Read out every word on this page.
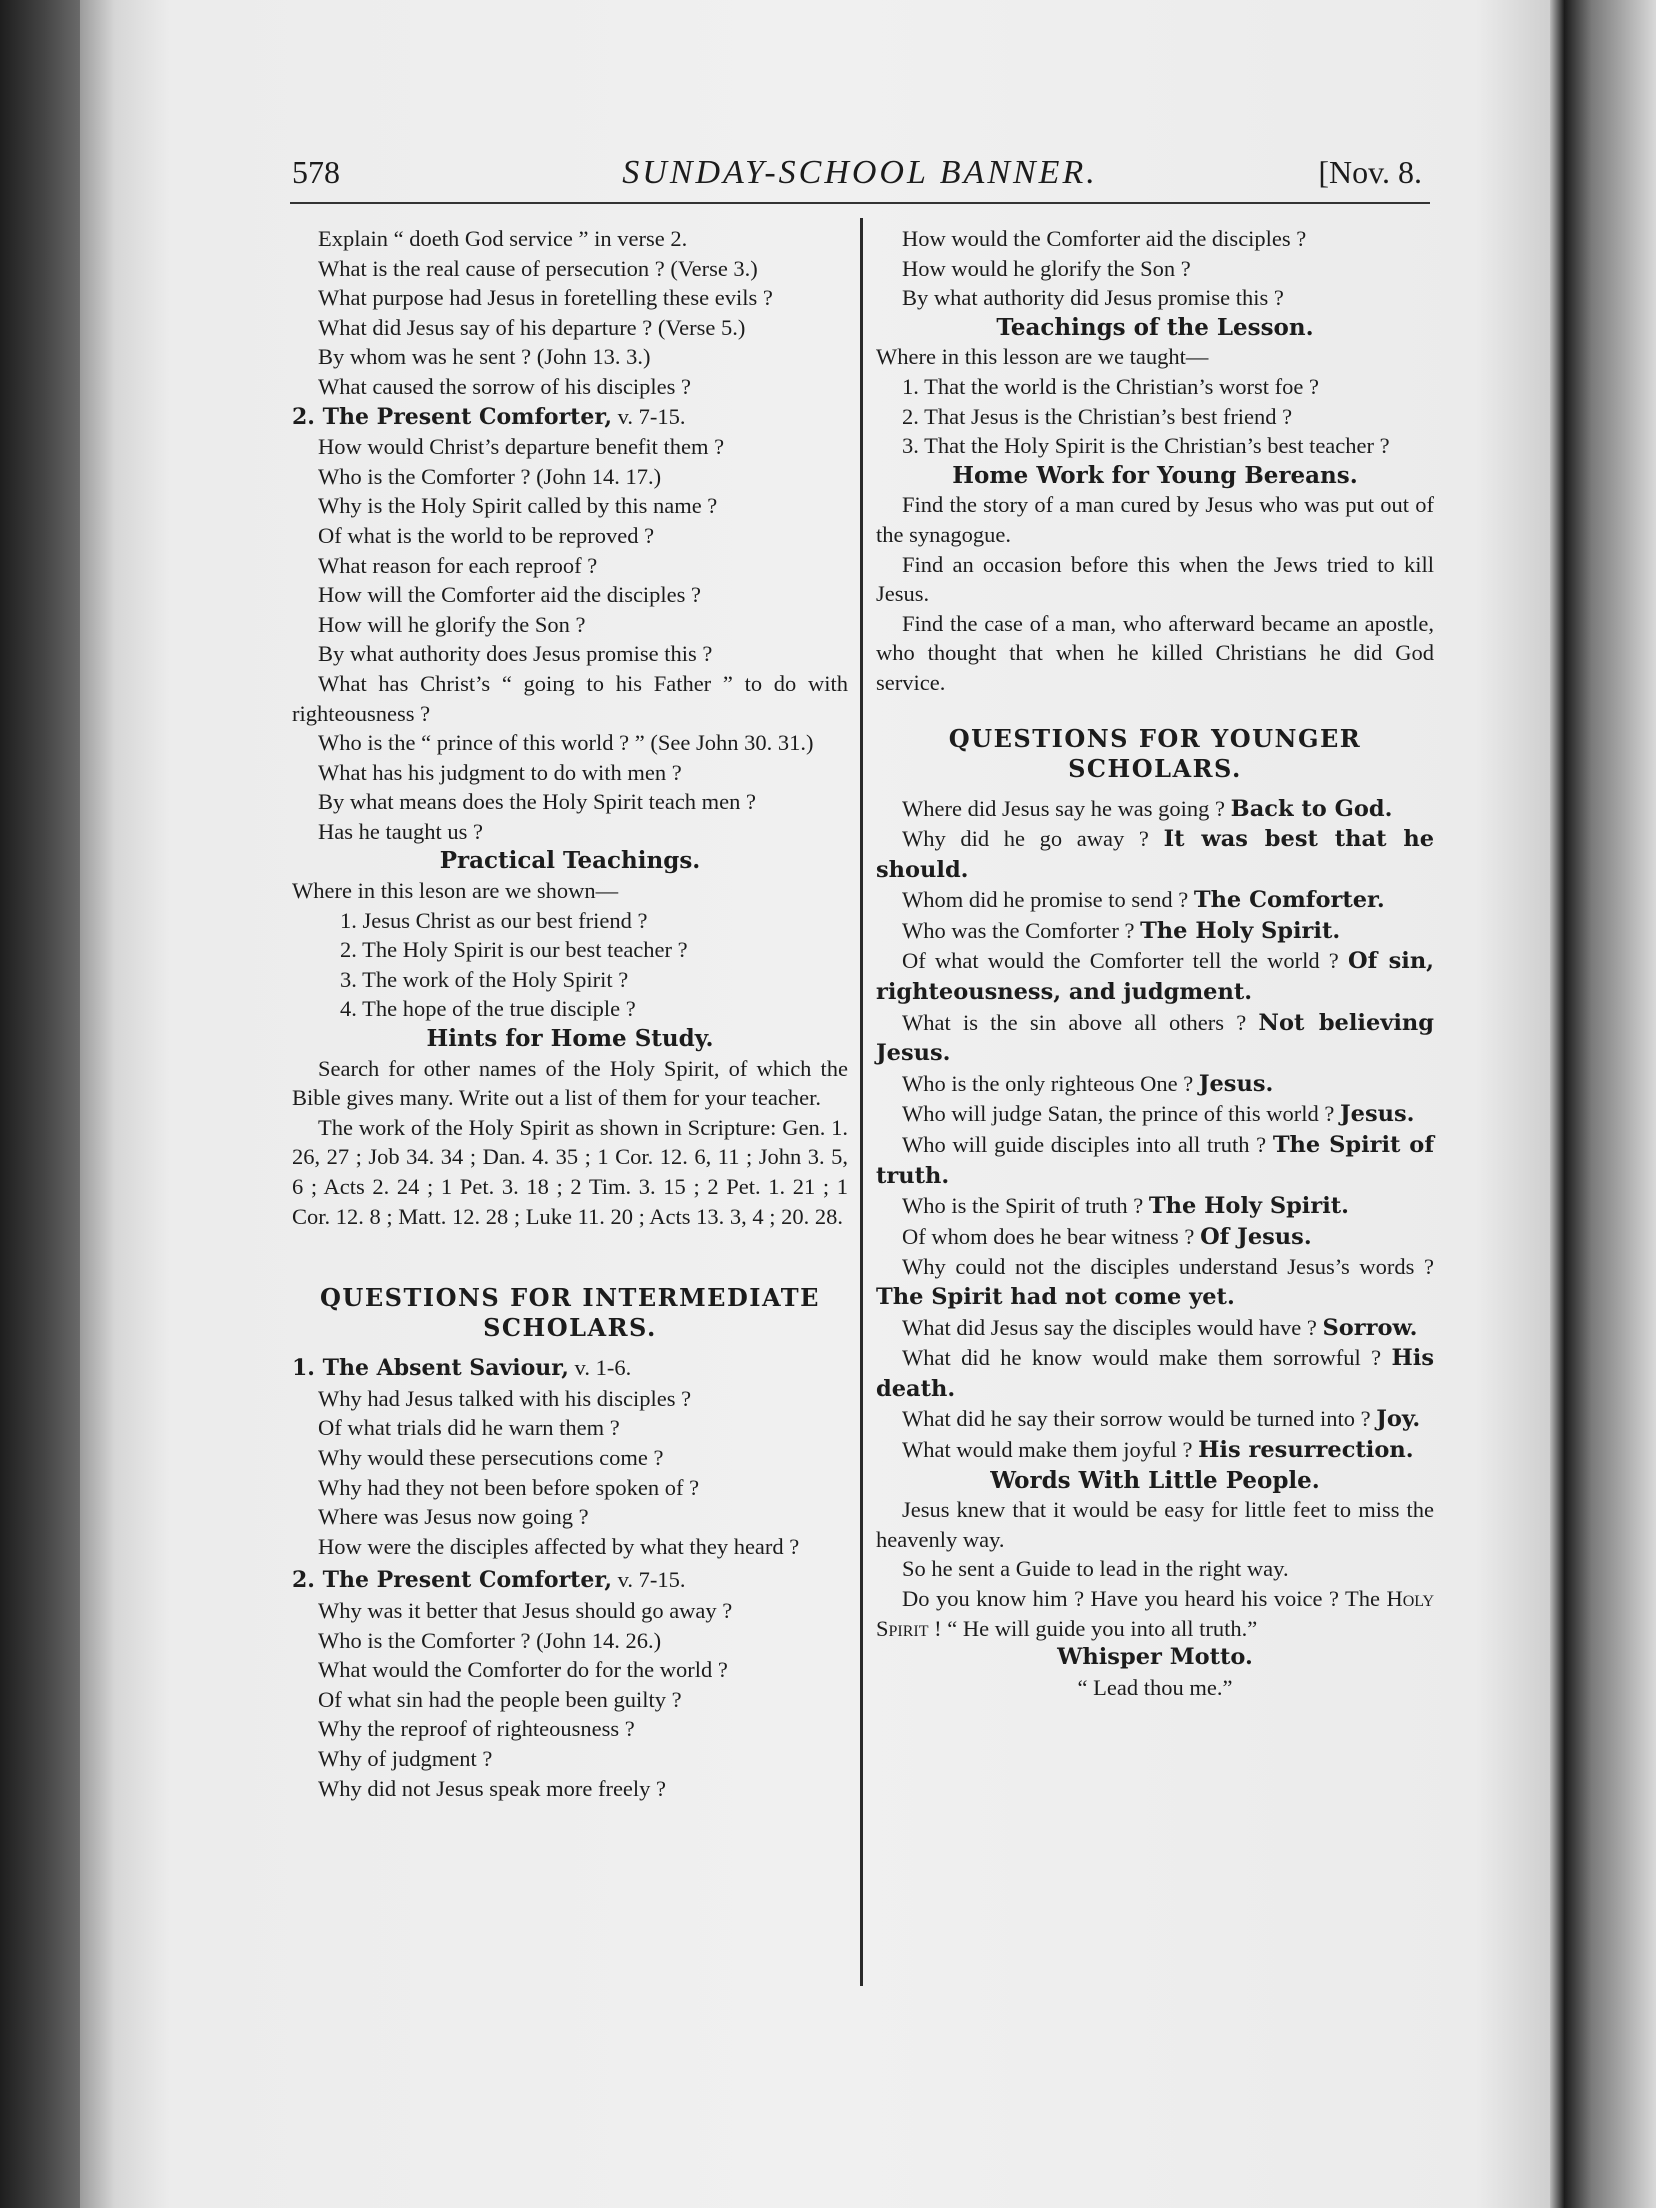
578	SUNDAY-SCHOOL BANNER.	[Nov. 8.

Explain “ doeth God service ” in verse 2.

What is the real cause of persecution ? (Verse 3.)

What purpose had Jesus in foretelling these evils ?

What did Jesus say of his departure ? (Verse 5.)

By whom was he sent ? (John 13. 3.)

What caused the sorrow of his disciples ?

2. The Present Comforter, v. 7-15.

How would Christ’s departure benefit them ?

Who is the Comforter ? (John 14. 17.)

Why is the Holy Spirit called by this name ?

Of what is the world to be reproved ?

What reason for each reproof ?

How will the Comforter aid the disciples ?

How will he glorify the Son ?

By what authority does Jesus promise this ?

What has Christ’s “ going to his Father ” to do with righteousness ?

Who is the “ prince of this world ? ” (See John 30. 31.)

What has his judgment to do with men ?

By what means does the Holy Spirit teach men ?

Has he taught us ?

Practical Teachings.

Where in this leson are we shown—

1. Jesus Christ as our best friend ?

2. The Holy Spirit is our best teacher ?

3. The work of the Holy Spirit ?

4. The hope of the true disciple ?

Hints for Home Study.

Search for other names of the Holy Spirit, of which the Bible gives many. Write out a list of them for your teacher.

The work of the Holy Spirit as shown in Scripture: Gen. 1. 26, 27 ; Job 34. 34 ; Dan. 4. 35 ; 1 Cor. 12. 6, 11 ; John 3. 5, 6 ; Acts 2. 24 ; 1 Pet. 3. 18 ; 2 Tim. 3. 15 ; 2 Pet. 1. 21 ; 1 Cor. 12. 8 ; Matt. 12. 28 ; Luke 11. 20 ; Acts 13. 3, 4 ; 20. 28.

QUESTIONS FOR INTERMEDIATE

SCHOLARS.

1. The Absent Saviour, v. 1-6.

Why had Jesus talked with his disciples ?

Of what trials did he warn them ?

Why would these persecutions come ?

Why had they not been before spoken of ?

Where was Jesus now going ?

How were the disciples affected by what they heard ?

2. The Present Comforter, v. 7-15.

Why was it better that Jesus should go away ?

Who is the Comforter ? (John 14. 26.)

What would the Comforter do for the world ?

Of what sin had the people been guilty ?

Why the reproof of righteousness ?

Why of judgment ?

Why did not Jesus speak more freely ?

How would the Comforter aid the disciples ?

How would he glorify the Son ?

By what authority did Jesus promise this ?

Teachings of the Lesson.

Where in this lesson are we taught—

1. That the world is the Christian’s worst foe ?

2. That Jesus is the Christian’s best friend ?

3. That the Holy Spirit is the Christian’s best teacher ?

Home Work for Young Bereans.

Find the story of a man cured by Jesus who was put out of the synagogue.

Find an occasion before this when the Jews tried to kill Jesus.

Find the case of a man, who afterward became an apostle, who thought that when he killed Christians he did God service.

QUESTIONS FOR YOUNGER

SCHOLARS.

Where did Jesus say he was going ? Back to God.

Why did he go away ? It was best that he should.

Whom did he promise to send ? The Comforter.

Who was the Comforter ? The Holy Spirit.

Of what would the Comforter tell the world ? Of sin, righteousness, and judgment.

What is the sin above all others ? Not believing Jesus.

Who is the only righteous One ? Jesus.

Who will judge Satan, the prince of this world ? Jesus.

Who will guide disciples into all truth ? The Spirit of truth.

Who is the Spirit of truth ? The Holy Spirit.

Of whom does he bear witness ? Of Jesus.

Why could not the disciples understand Jesus’s words ? The Spirit had not come yet.

What did Jesus say the disciples would have ? Sorrow.

What did he know would make them sorrowful ? His death.

What did he say their sorrow would be turned into ? Joy.

What would make them joyful ? His resurrection.

Words With Little People.

Jesus knew that it would be easy for little feet to miss the heavenly way.

So he sent a Guide to lead in the right way.

Do you know him ? Have you heard his voice ? The Holy Spirit ! “ He will guide you into all truth.”

Whisper Motto.

“ Lead thou me.”
